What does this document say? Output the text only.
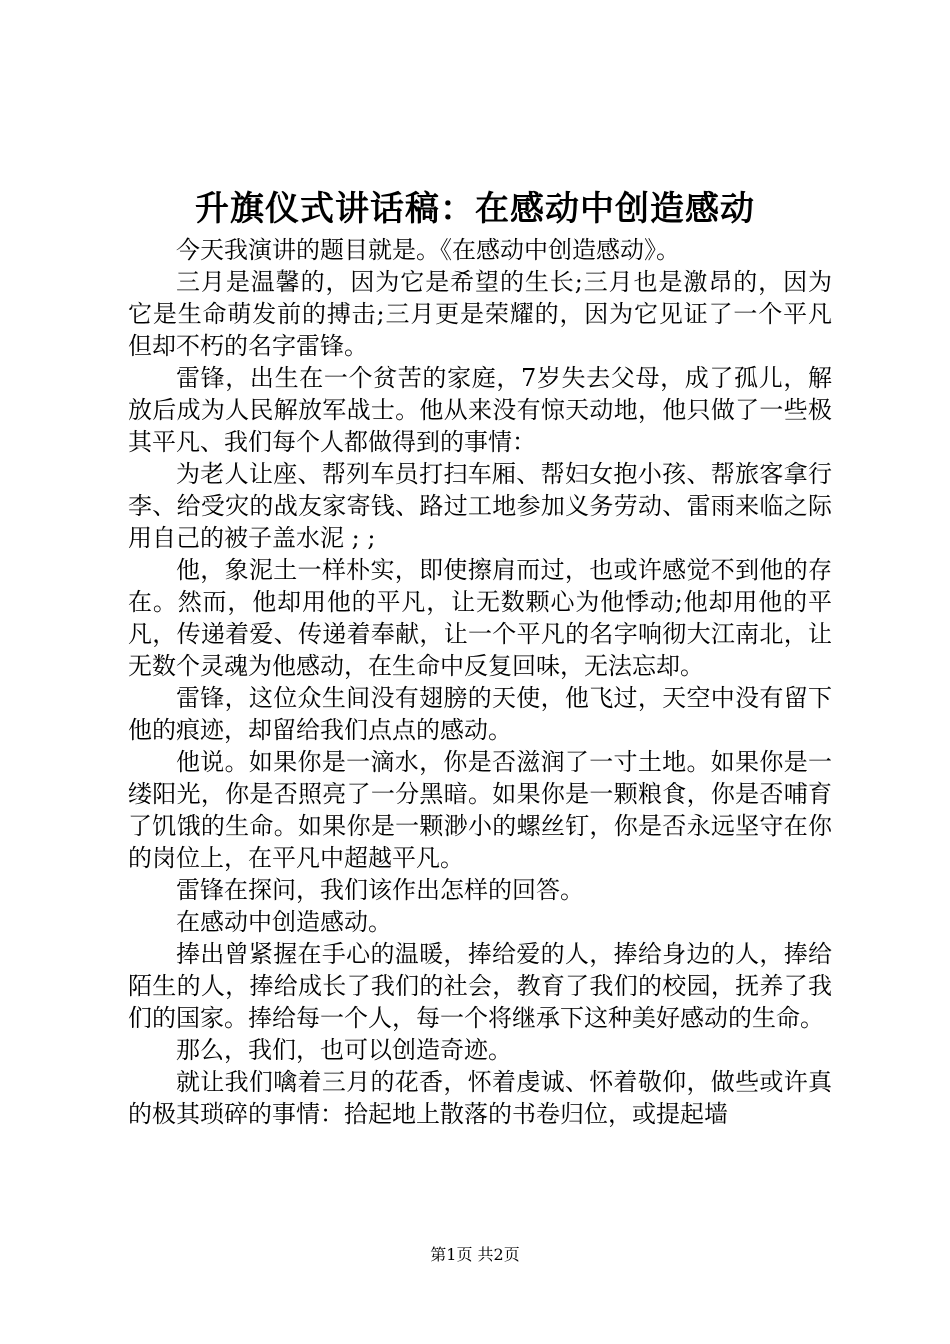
升旗仪式讲话稿：在感动中创造感动

今天我演讲的题目就是。《在感动中创造感动》。

三月是温馨的，因为它是希望的生长;三月也是激昂的，因为它是生命萌发前的搏击;三月更是荣耀的，因为它见证了一个平凡但却不朽的名字雷锋。

雷锋，出生在一个贫苦的家庭，7岁失去父母，成了孤儿，解放后成为人民解放军战士。他从来没有惊天动地，他只做了一些极其平凡、我们每个人都做得到的事情：

为老人让座、帮列车员打扫车厢、帮妇女抱小孩、帮旅客拿行李、给受灾的战友家寄钱、路过工地参加义务劳动、雷雨来临之际用自己的被子盖水泥 ; ;

他，象泥土一样朴实，即使擦肩而过，也或许感觉不到他的存在。然而，他却用他的平凡，让无数颗心为他悸动;他却用他的平凡，传递着爱、传递着奉献，让一个平凡的名字响彻大江南北，让无数个灵魂为他感动，在生命中反复回味，无法忘却。

雷锋，这位众生间没有翅膀的天使，他飞过，天空中没有留下他的痕迹，却留给我们点点的感动。

他说。如果你是一滴水，你是否滋润了一寸土地。如果你是一缕阳光，你是否照亮了一分黑暗。如果你是一颗粮食，你是否哺育了饥饿的生命。如果你是一颗渺小的螺丝钉，你是否永远坚守在你的岗位上，在平凡中超越平凡。

雷锋在探问，我们该作出怎样的回答。

在感动中创造感动。

捧出曾紧握在手心的温暖，捧给爱的人，捧给身边的人，捧给陌生的人，捧给成长了我们的社会，教育了我们的校园，抚养了我们的国家。捧给每一个人，每一个将继承下这种美好感动的生命。

那么，我们，也可以创造奇迹。

就让我们噙着三月的花香，怀着虔诚、怀着敬仰，做些或许真的极其琐碎的事情：拾起地上散落的书卷归位，或提起墙

第1页 共2页
